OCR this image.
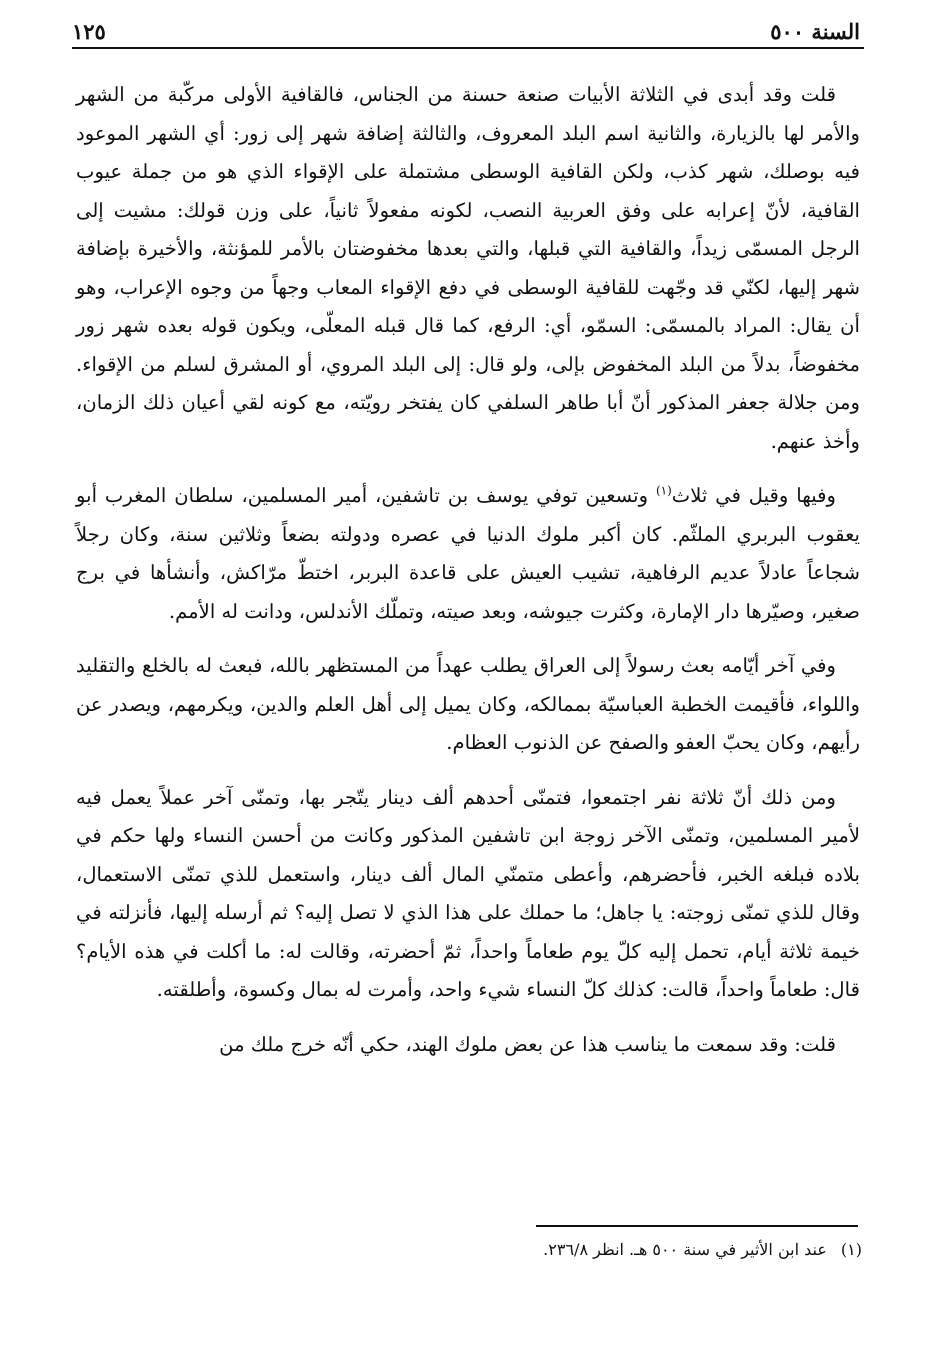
السنة ٥٠٠
١٢٥

قلت وقد أبدى في الثلاثة الأبيات صنعة حسنة من الجناس، فالقافية الأولى مركّبة من الشهر والأمر لها بالزيارة، والثانية اسم البلد المعروف، والثالثة إضافة شهر إلى زور: أي الشهر الموعود فيه بوصلك، شهر كذب، ولكن القافية الوسطى مشتملة على الإقواء الذي هو من جملة عيوب القافية، لأنّ إعرابه على وفق العربية النصب، لكونه مفعولاً ثانياً، على وزن قولك: مشيت إلى الرجل المسمّى زيداً، والقافية التي قبلها، والتي بعدها مخفوضتان بالأمر للمؤنثة، والأخيرة بإضافة شهر إليها، لكنّي قد وجّهت للقافية الوسطى في دفع الإقواء المعاب وجهاً من وجوه الإعراب، وهو أن يقال: المراد بالمسمّى: السمّو، أي: الرفع، كما قال قبله المعلّى، ويكون قوله بعده شهر زور مخفوضاً، بدلاً من البلد المخفوض بإلى، ولو قال: إلى البلد المروي، أو المشرق لسلم من الإقواء. ومن جلالة جعفر المذكور أنّ أبا طاهر السلفي كان يفتخر رويّته، مع كونه لقي أعيان ذلك الزمان، وأخذ عنهم.

وفيها وقيل في ثلاث$^{(١)}$ وتسعين توفي يوسف بن تاشفين، أمير المسلمين، سلطان المغرب أبو يعقوب البربري الملثّم. كان أكبر ملوك الدنيا في عصره ودولته بضعاً وثلاثين سنة، وكان رجلاً شجاعاً عادلاً عديم الرفاهية، تشيب العيش على قاعدة البربر، اختطّ مرّاكش، وأنشأها في برج صغير، وصيّرها دار الإمارة، وكثرت جيوشه، وبعد صيته، وتملّك الأندلس، ودانت له الأمم.

وفي آخر أيّامه بعث رسولاً إلى العراق يطلب عهداً من المستظهر بالله، فبعث له بالخلع والتقليد واللواء، فأقيمت الخطبة العباسيّة بممالكه، وكان يميل إلى أهل العلم والدين، ويكرمهم، ويصدر عن رأيهم، وكان يحبّ العفو والصفح عن الذنوب العظام.

ومن ذلك أنّ ثلاثة نفر اجتمعوا، فتمنّى أحدهم ألف دينار يتّجر بها، وتمنّى آخر عملاً يعمل فيه لأمير المسلمين، وتمنّى الآخر زوجة ابن تاشفين المذكور وكانت من أحسن النساء ولها حكم في بلاده فبلغه الخبر، فأحضرهم، وأعطى متمنّي المال ألف دينار، واستعمل للذي تمنّى الاستعمال، وقال للذي تمنّى زوجته: يا جاهل؛ ما حملك على هذا الذي لا تصل إليه؟ ثم أرسله إليها، فأنزلته في خيمة ثلاثة أيام، تحمل إليه كلّ يوم طعاماً واحداً، ثمّ أحضرته، وقالت له: ما أكلت في هذه الأيام؟ قال: طعاماً واحداً، قالت: كذلك كلّ النساء شيء واحد، وأمرت له بمال وكسوة، وأطلقته.

قلت: وقد سمعت ما يناسب هذا عن بعض ملوك الهند، حكي أنّه خرج ملك من

(١)
عند ابن الأثير في سنة ٥٠٠ هـ. انظر ٢٣٦/٨.
